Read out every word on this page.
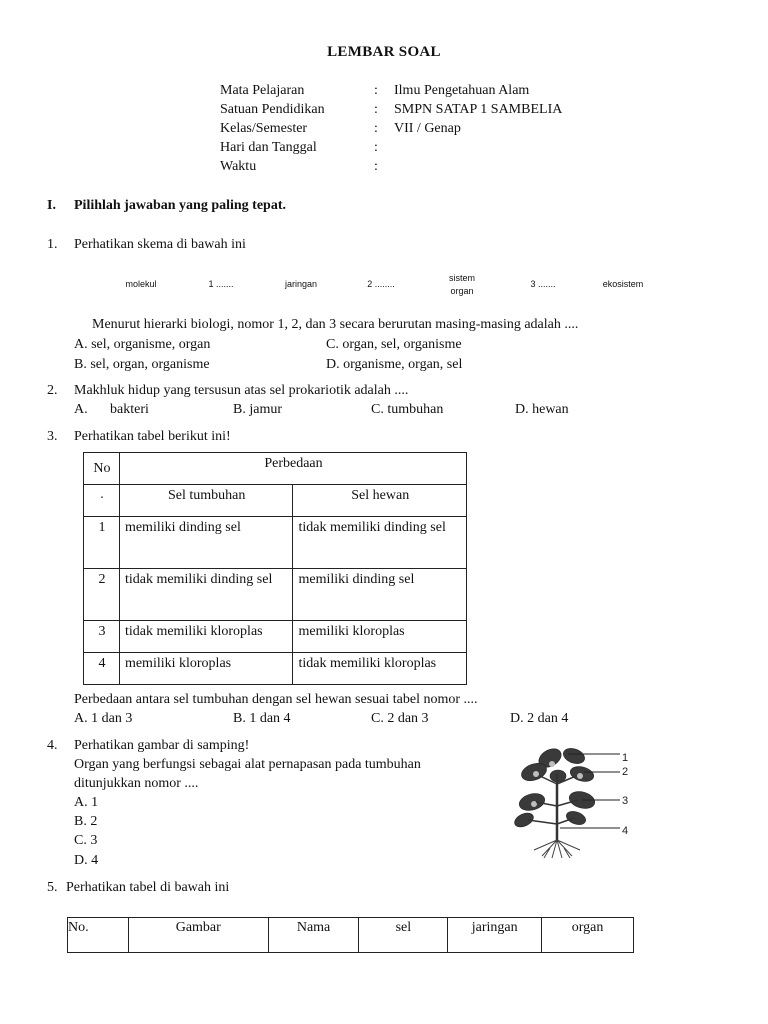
LEMBAR SOAL
Mata Pelajaran	: Ilmu Pengetahuan Alam
Satuan Pendidikan	: SMPN SATAP 1 SAMBELIA
Kelas/Semester	: VII / Genap
Hari dan Tanggal	:
Waktu	:
I. Pilihlah jawaban yang paling tepat.
1. Perhatikan skema di bawah ini
molekul	1 .......	jaringan	2 ........
sistem
organ
3 .......	ekosistem
Menurut hierarki biologi, nomor 1, 2, dan 3 secara berurutan masing-masing adalah ....
A. sel, organisme, organ	C. organ, sel, organisme
B. sel, organ, organisme	D. organisme, organ, sel
2. Makhluk hidup yang tersusun atas sel prokariotik adalah ....
A. bakteri	B. jamur	C. tumbuhan	D. hewan
3. Perhatikan tabel berikut ini!
No	Perbedaan	
.	Sel tumbuhan	Sel hewan
1	memiliki dinding sel	tidak memiliki dinding sel
2	tidak memiliki dinding sel	memiliki dinding sel
3	tidak memiliki kloroplas	memiliki kloroplas
4	memiliki kloroplas	tidak memiliki kloroplas
Perbedaan antara sel tumbuhan dengan sel hewan sesuai tabel nomor ....
A. 1 dan 3	B. 1 dan 4	C. 2 dan 3	D. 2 dan 4
4. Perhatikan gambar di samping!
Organ yang berfungsi sebagai alat pernapasan pada tumbuhan
ditunjukkan nomor ....
A. 1
B. 2
C. 3
D. 4
1
2
3
4
5. Perhatikan tabel di bawah ini
No.	Gambar	Nama	sel	jaringan	organ
